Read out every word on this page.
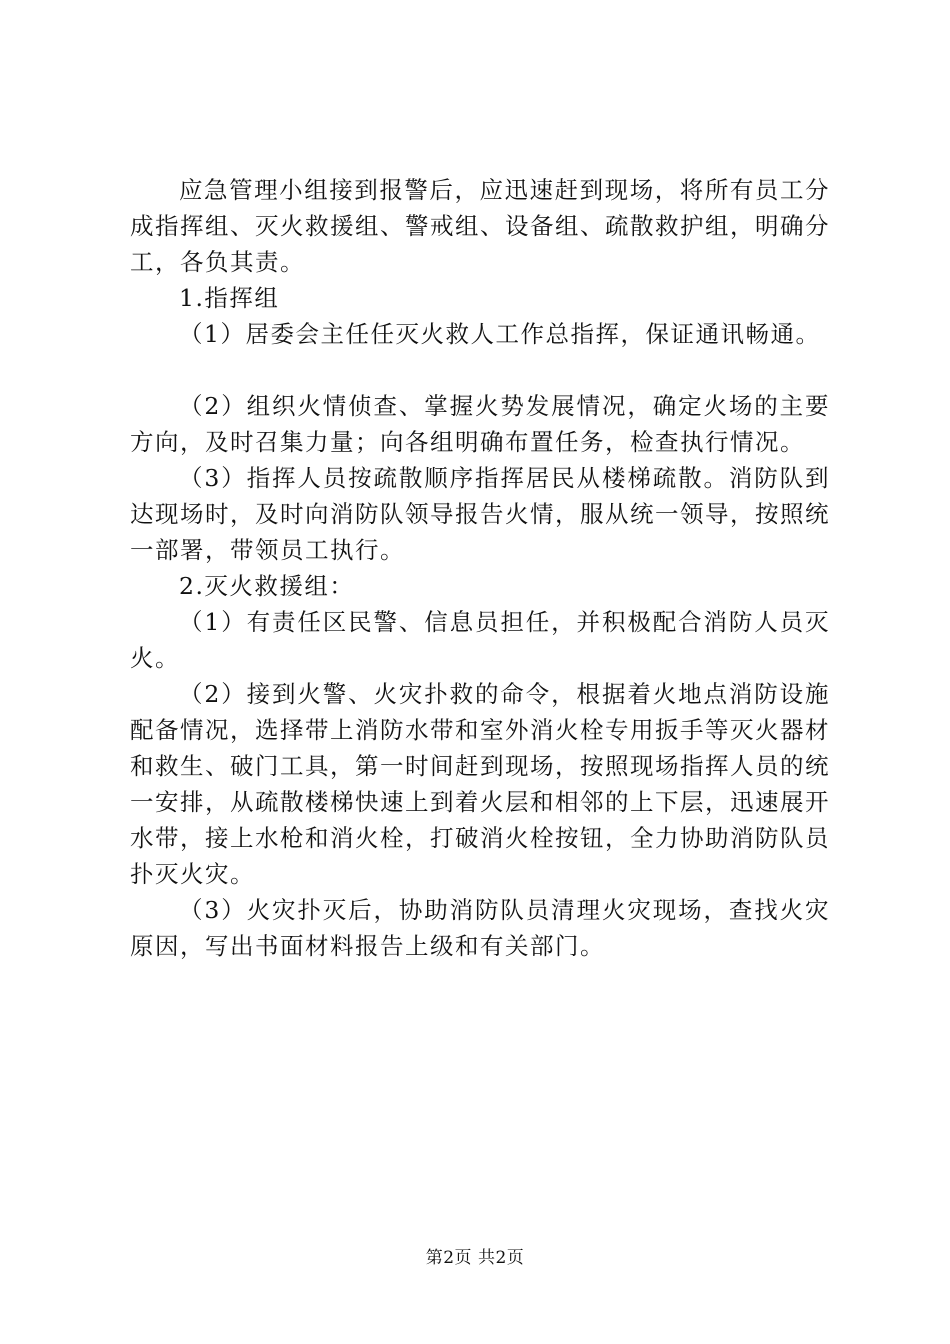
应急管理小组接到报警后，应迅速赶到现场，将所有员工分成指挥组、灭火救援组、警戒组、设备组、疏散救护组，明确分工，各负其责。

1.指挥组

（1）居委会主任任灭火救人工作总指挥，保证通讯畅通。

（2）组织火情侦查、掌握火势发展情况，确定火场的主要方向，及时召集力量；向各组明确布置任务，检查执行情况。

（3）指挥人员按疏散顺序指挥居民从楼梯疏散。消防队到达现场时，及时向消防队领导报告火情，服从统一领导，按照统一部署，带领员工执行。

2.灭火救援组：

（1）有责任区民警、信息员担任，并积极配合消防人员灭火。

（2）接到火警、火灾扑救的命令，根据着火地点消防设施配备情况，选择带上消防水带和室外消火栓专用扳手等灭火器材和救生、破门工具，第一时间赶到现场，按照现场指挥人员的统一安排，从疏散楼梯快速上到着火层和相邻的上下层，迅速展开水带，接上水枪和消火栓，打破消火栓按钮，全力协助消防队员扑灭火灾。

（3）火灾扑灭后，协助消防队员清理火灾现场，查找火灾原因，写出书面材料报告上级和有关部门。

第2页 共2页
